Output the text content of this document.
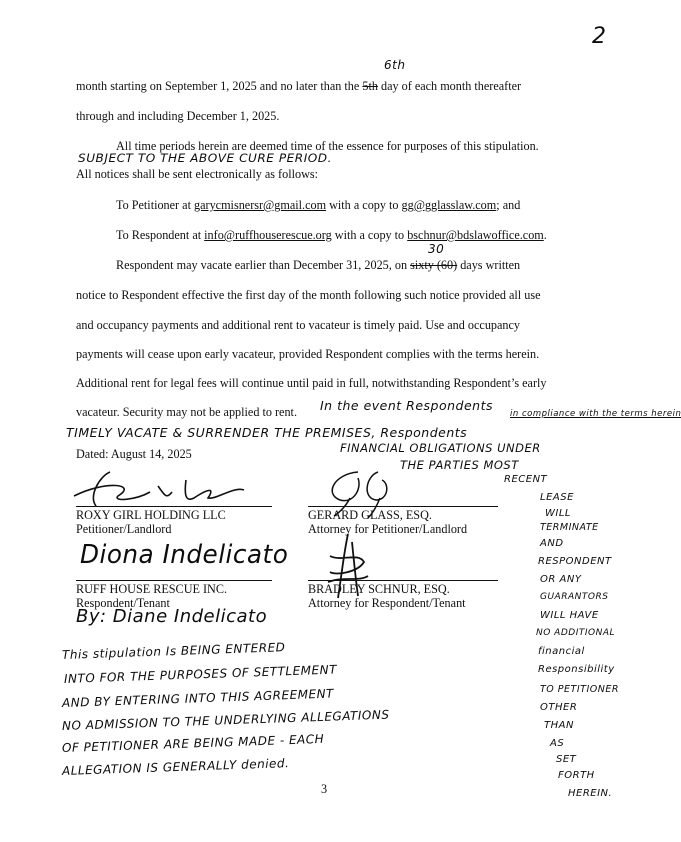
2
month starting on September 1, 2025 and no later than the 5th day of each month thereafter
6th
through and including December 1, 2025.
All time periods herein are deemed time of the essence for purposes of this stipulation.
SUBJECT TO THE ABOVE CURE PERIOD.
All notices shall be sent electronically as follows:
To Petitioner at garycmisnersr@gmail.com with a copy to gg@gglasslaw.com; and
To Respondent at info@ruffhouserescue.org with a copy to bschnur@bdslawoffice.com.
30
Respondent may vacate earlier than December 31, 2025, on sixty (60) days written
notice to Respondent effective the first day of the month following such notice provided all use
and occupancy payments and additional rent to vacateur is timely paid. Use and occupancy
payments will cease upon early vacateur, provided Respondent complies with the terms herein.
Additional rent for legal fees will continue until paid in full, notwithstanding Respondent’s early
vacateur. Security may not be applied to rent. In the event Respondents
in compliance with the terms herein
TIMELY VACATE & SURRENDER THE PREMISES, Respondents
FINANCIAL OBLIGATIONS UNDER
THE PARTIES MOST
Dated: August 14, 2025
ROXY GIRL HOLDING LLC
Petitioner/Landlord
GERARD GLASS, ESQ.
Attorney for Petitioner/Landlord
Diona Indelicato
RUFF HOUSE RESCUE INC.
Respondent/Tenant
By: Diane Indelicato
BRADLEY SCHNUR, ESQ.
Attorney for Respondent/Tenant
RECENT
LEASE
WILL
TERMINATE
AND
RESPONDENT
OR ANY
GUARANTORS
WILL HAVE
NO ADDITIONAL
financial
Responsibility
TO PETITIONER
OTHER
THAN
AS
SET
FORTH
HEREIN.
This stipulation Is BEING ENTERED
INTO FOR THE PURPOSES OF SETTLEMENT
AND BY ENTERING INTO THIS AGREEMENT
NO ADMISSION TO THE UNDERLYING ALLEGATIONS
OF PETITIONER ARE BEING MADE - EACH
ALLEGATION IS GENERALLY denied.
3
